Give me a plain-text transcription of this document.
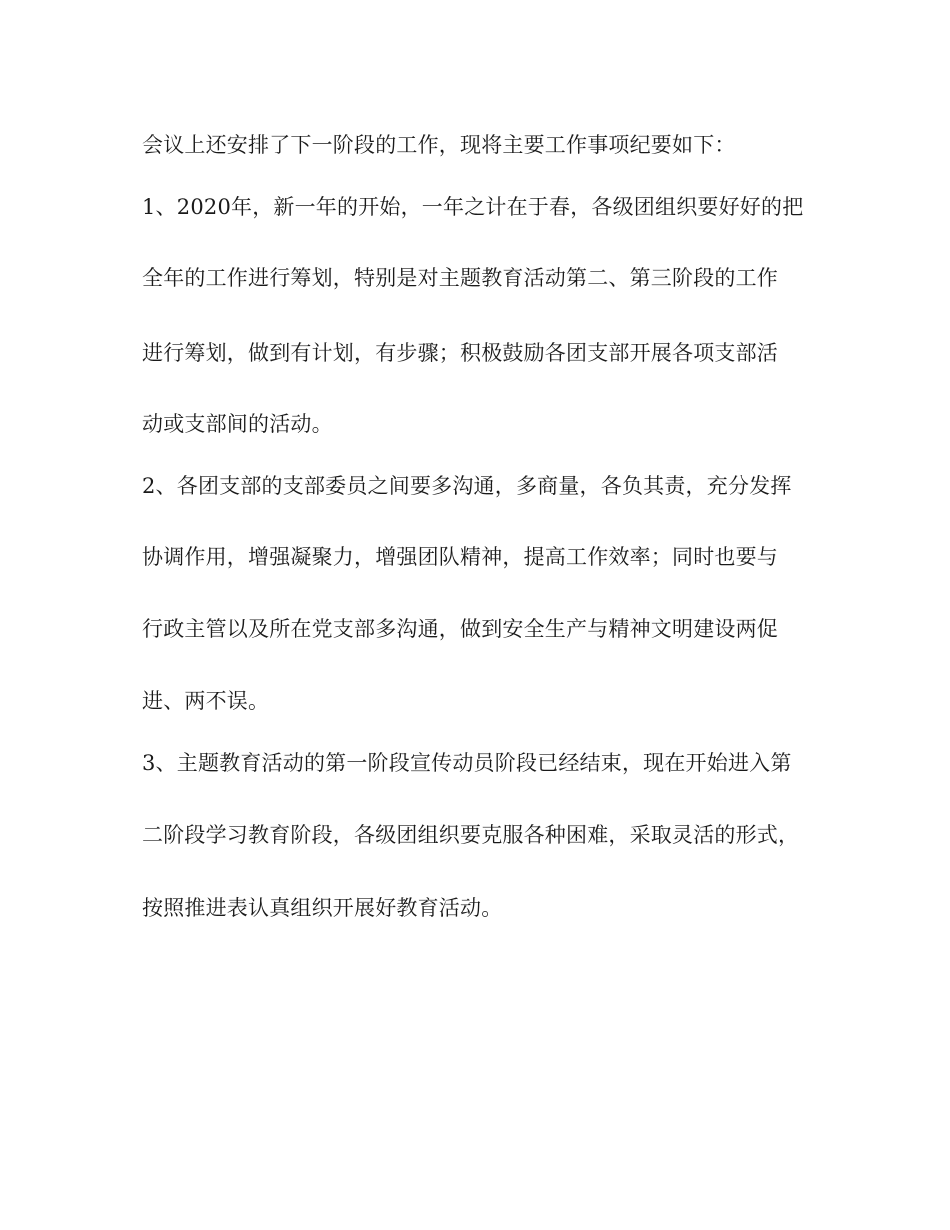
会议上还安排了下一阶段的工作，现将主要工作事项纪要如下：
1、2020年，新一年的开始，一年之计在于春，各级团组织要好好的把
全年的工作进行筹划，特别是对主题教育活动第二、第三阶段的工作
进行筹划，做到有计划，有步骤；积极鼓励各团支部开展各项支部活
动或支部间的活动。
2、各团支部的支部委员之间要多沟通，多商量，各负其责，充分发挥
协调作用，增强凝聚力，增强团队精神，提高工作效率；同时也要与
行政主管以及所在党支部多沟通，做到安全生产与精神文明建设两促
进、两不误。
3、主题教育活动的第一阶段宣传动员阶段已经结束，现在开始进入第
二阶段学习教育阶段，各级团组织要克服各种困难，采取灵活的形式，
按照推进表认真组织开展好教育活动。
